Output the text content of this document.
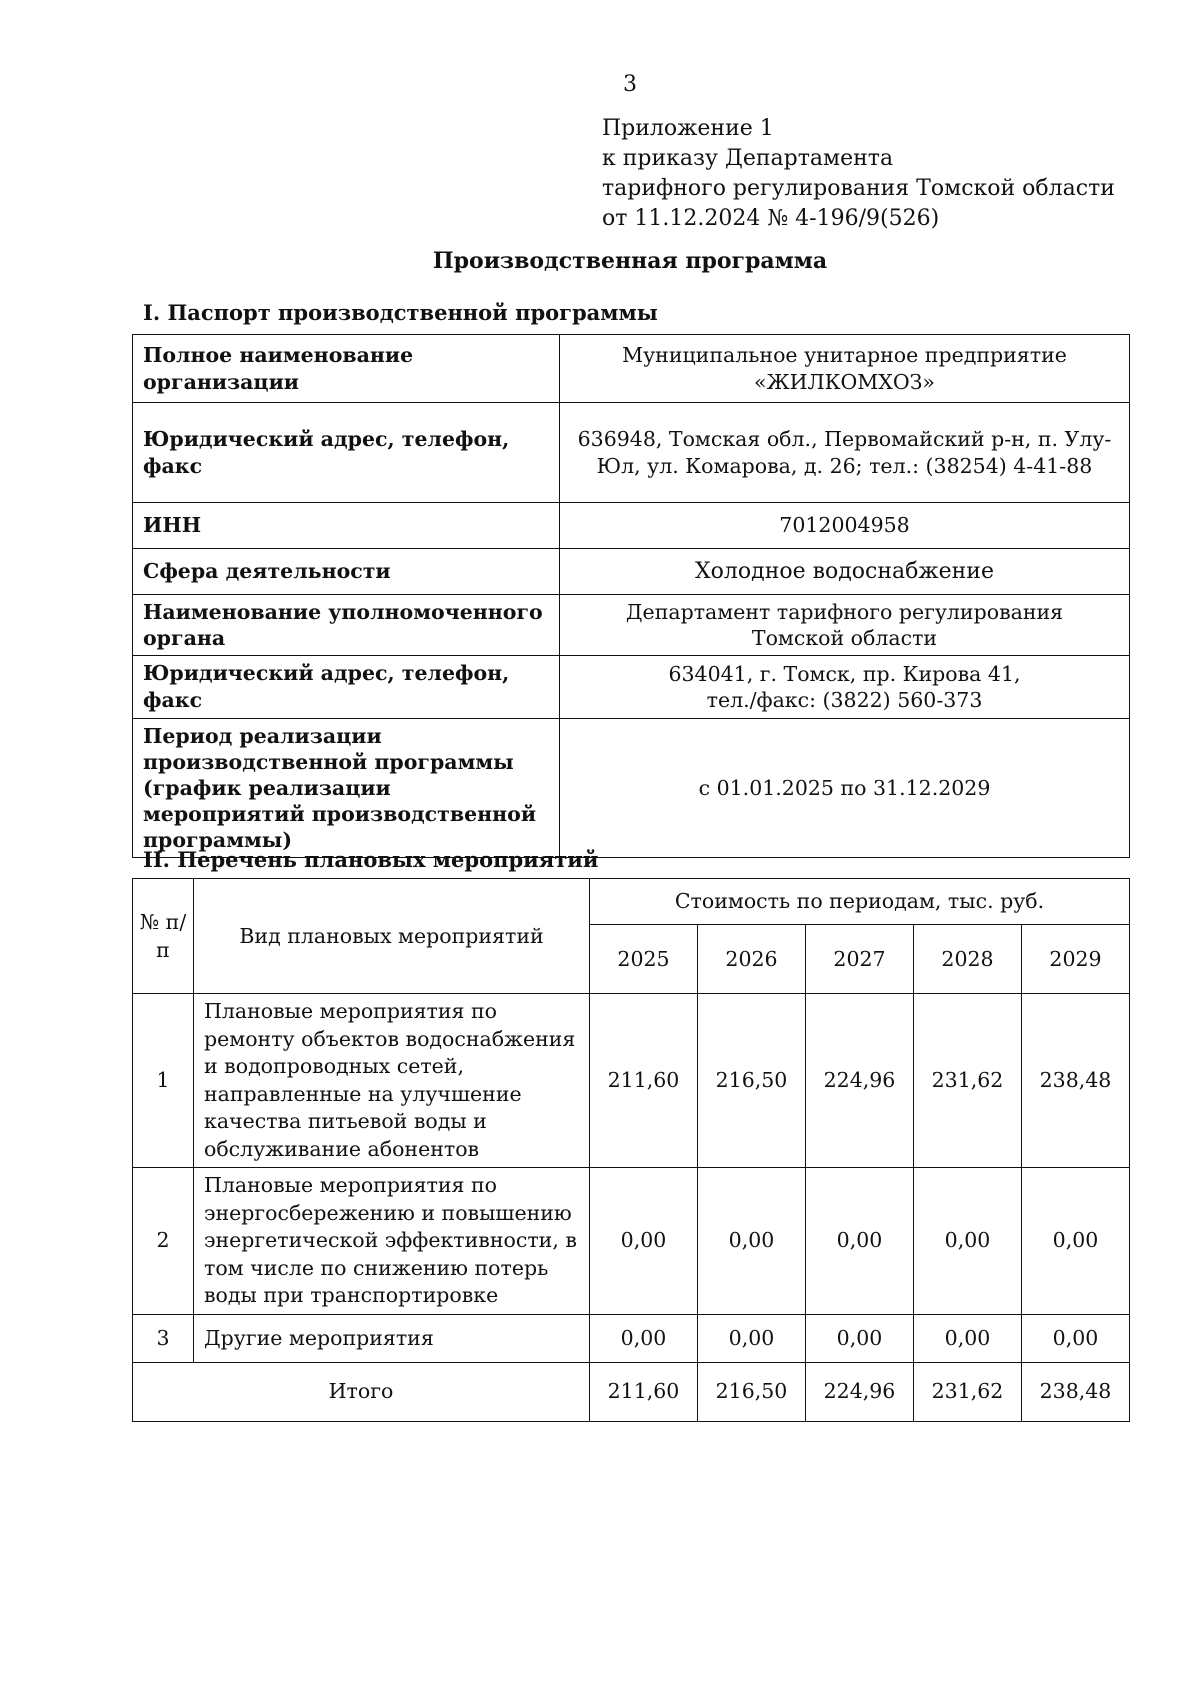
3
Приложение 1
к приказу Департамента
тарифного регулирования Томской области
от 11.12.2024 № 4-196/9(526)
Производственная программа
I. Паспорт производственной программы
Полное наименование организации	Муниципальное унитарное предприятие
«ЖИЛКОМХОЗ»

Юридический адрес, телефон, факс	636948, Томская обл., Первомайский р-н, п. Улу-
Юл, ул. Комарова, д. 26; тел.: (38254) 4-41-88

ИНН	7012004958

Сфера деятельности	Холодное водоснабжение

Наименование уполномоченного органа	Департамент тарифного регулирования
Томской области

Юридический адрес, телефон, факс	634041, г. Томск, пр. Кирова 41,
тел./факс: (3822) 560-373

Период реализации производственной программы (график реализации мероприятий производственной программы)	с 01.01.2025 по 31.12.2029
II. Перечень плановых мероприятий
№ п/п	Вид плановых мероприятий	Стоимость по периодам, тыс. руб.				
		2025	2026	2027	2028	2029
1	Плановые мероприятия по ремонту объектов водоснабжения и водопроводных сетей, направленные на улучшение качества питьевой воды и обслуживание абонентов	211,60	216,50	224,96	231,62	238,48
2	Плановые мероприятия по энергосбережению и повышению энергетической эффективности, в том числе по снижению потерь воды при транспортировке	0,00	0,00	0,00	0,00	0,00
3	Другие мероприятия	0,00	0,00	0,00	0,00	0,00
Итого		211,60	216,50	224,96	231,62	238,48
